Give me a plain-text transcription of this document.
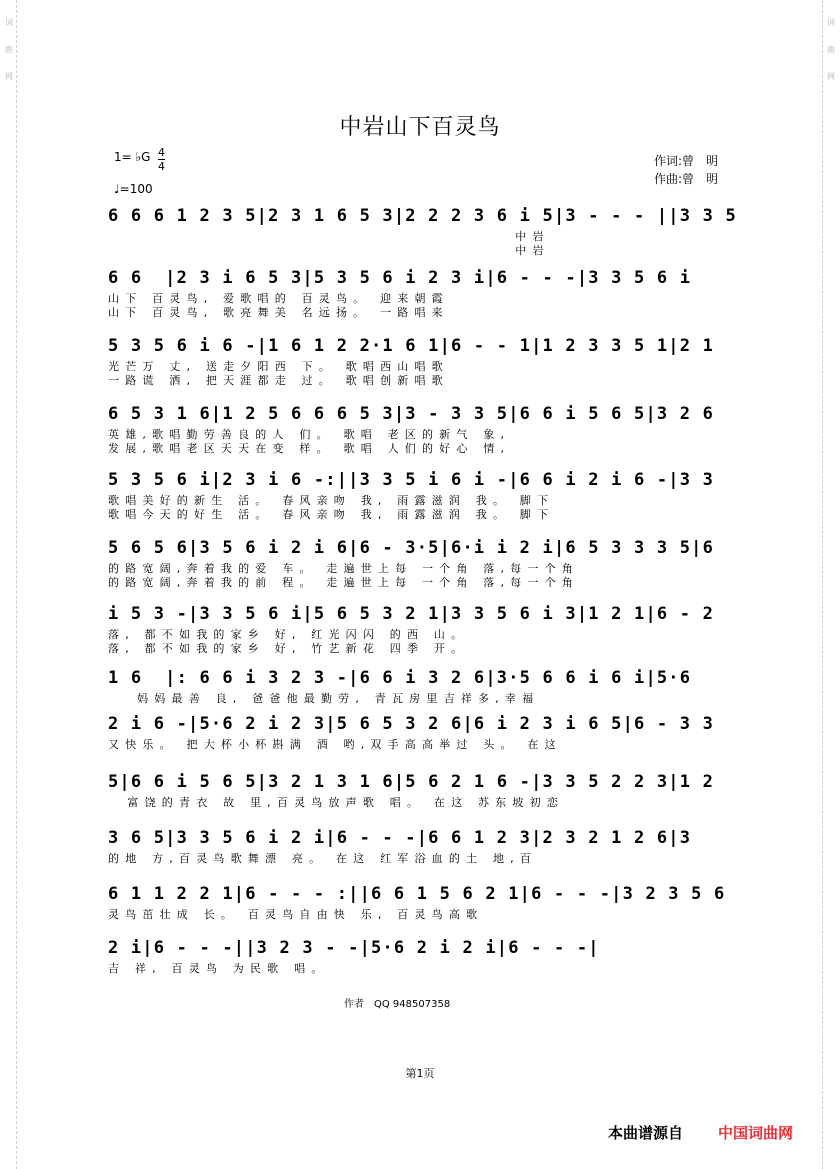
词

曲

网

词

曲

网

中岩山下百灵鸟
1= ♭G 4
4
♩=100
作词:曾　明
作曲:曾　明
6 6 6 1 2 3 5|2 3 1 6 5 3|2 2 2 3 6 i 5|3 - - - ||3 3 5
中岩
中岩
6 6  |2 3 i 6 5 3|5 3 5 6 i 2 3 i|6 - - -|3 3 5 6 i
山下 百灵鸟, 爱歌唱的 百灵鸟。 迎来朝霞
山下 百灵鸟, 歌亮舞美 名远扬。 一路唱来
5 3 5 6 i 6 -|1 6 1 2 2·1 6 1|6 - - 1|1 2 3 3 5 1|2 1
光芒万 丈, 送走夕阳西 下。 歌唱西山唱歌
一路谎 洒, 把天涯都走 过。 歌唱创新唱歌
6 5 3 1 6|1 2 5 6 6 6 5 3|3 - 3 3 5|6 6 i 5 6 5|3 2 6
英雄,歌唱勤劳善良的人 们。 歌唱 老区的新气 象,
发展,歌唱老区天天在变 样。 歌唱 人们的好心 情,
5 3 5 6 i|2 3 i 6 -:||3 3 5 i 6 i -|6 6 i 2 i 6 -|3 3
歌唱美好的新生 活。 春风亲吻 我, 雨露滋润 我。 脚下
歌唱今天的好生 活。 春风亲吻 我, 雨露滋润 我。 脚下
5 6 5 6|3 5 6 i 2 i 6|6 - 3·5|6·i i 2 i|6 5 3 3 3 5|6
的路宽阔,奔着我的爱 车。 走遍世上每 一个角 落,每一个角
的路宽阔,奔着我的前 程。 走遍世上每 一个角 落,每一个角
i 5 3 -|3 3 5 6 i|5 6 5 3 2 1|3 3 5 6 i 3|1 2 1|6 - 2
落, 都不如我的家乡 好, 红光闪闪 的西 山。
落, 都不如我的家乡 好, 竹艺新花 四季 开。
1 6  |: 6 6 i 3 2 3 -|6 6 i 3 2 6|3·5 6 6 i 6 i|5·6
妈妈最善 良, 爸爸他最勤劳, 青瓦房里吉祥多,幸福
2 i 6 -|5·6 2 i 2 3|5 6 5 3 2 6|6 i 2 3 i 6 5|6 - 3 3
又快乐。 把大杯小杯斟满 酒 哟,双手高高举过 头。 在这
5|6 6 i 5 6 5|3 2 1 3 1 6|5 6 2 1 6 -|3 3 5 2 2 3|1 2
富饶的青衣 故 里,百灵鸟放声歌 唱。 在这 苏东坡初恋
3 6 5|3 3 5 6 i 2 i|6 - - -|6 6 1 2 3|2 3 2 1 2 6|3
的地 方,百灵鸟歌舞漂 亮。 在这 红军浴血的土 地,百
6 1 1 2 2 1|6 - - - :||6 6 1 5 6 2 1|6 - - -|3 2 3 5 6
灵鸟茁壮成 长。 百灵鸟自由快 乐, 百灵鸟高歌
2 i|6 - - -||3 2 3 - -|5·6 2 i 2 i|6 - - -|
吉 祥, 百灵鸟 为民歌 唱。
作者　QQ 948507358
第1页
本曲谱源自 中国词曲网
